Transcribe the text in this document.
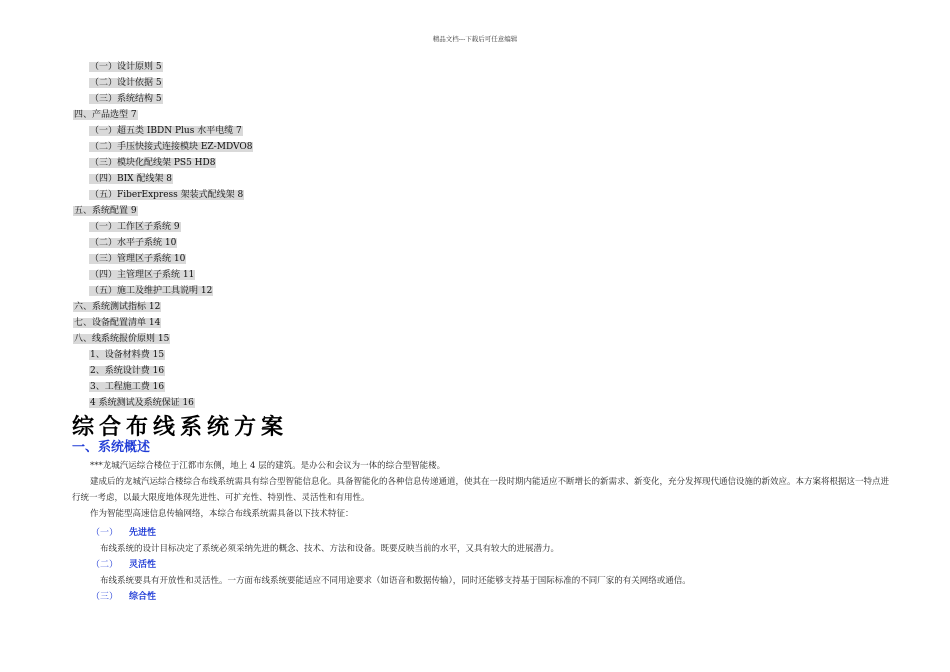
精品文档---下载后可任意编辑
（一）设计原则 5
（二）设计依据 5
（三）系统结构 5
四、产品选型 7
（一）超五类 IBDN Plus 水平电缆 7
（二）手压快接式连接模块 EZ-MDVO8
（三）模块化配线架 PS5 HD8
（四）BIX 配线架 8
（五）FiberExpress 架装式配线架 8
五、系统配置 9
（一）工作区子系统 9
（二）水平子系统 10
（三）管理区子系统 10
（四）主管理区子系统 11
（五）施工及维护工具说明 12
六、系统测试指标 12
七、设备配置清单 14
八、线系统报价原则 15
1、设备材料费 15
2、系统设计费 16
3、工程施工费 16
4 系统测试及系统保证 16
综合布线系统方案
一、系统概述
***龙城汽运综合楼位于江都市东侧，地上 4 层的建筑。是办公和会议为一体的综合型智能楼。
建成后的龙城汽运综合楼综合布线系统需具有综合型智能信息化。具备智能化的各种信息传递通道，使其在一段时期内能适应不断增长的新需求、新变化，充分发挥现代通信设施的新效应。本方案将根据这一特点进行统一考虑，以最大限度地体现先进性、可扩充性、特别性、灵活性和有用性。
作为智能型高速信息传输网络，本综合布线系统需具备以下技术特征：
（一） 先进性
布线系统的设计目标决定了系统必须采纳先进的概念、技术、方法和设备。既要反映当前的水平，又具有较大的进展潜力。
（二） 灵活性
布线系统要具有开放性和灵活性。一方面布线系统要能适应不同用途要求（如语音和数据传输），同时还能够支持基于国际标准的不同厂家的有关网络或通信。
（三） 综合性
